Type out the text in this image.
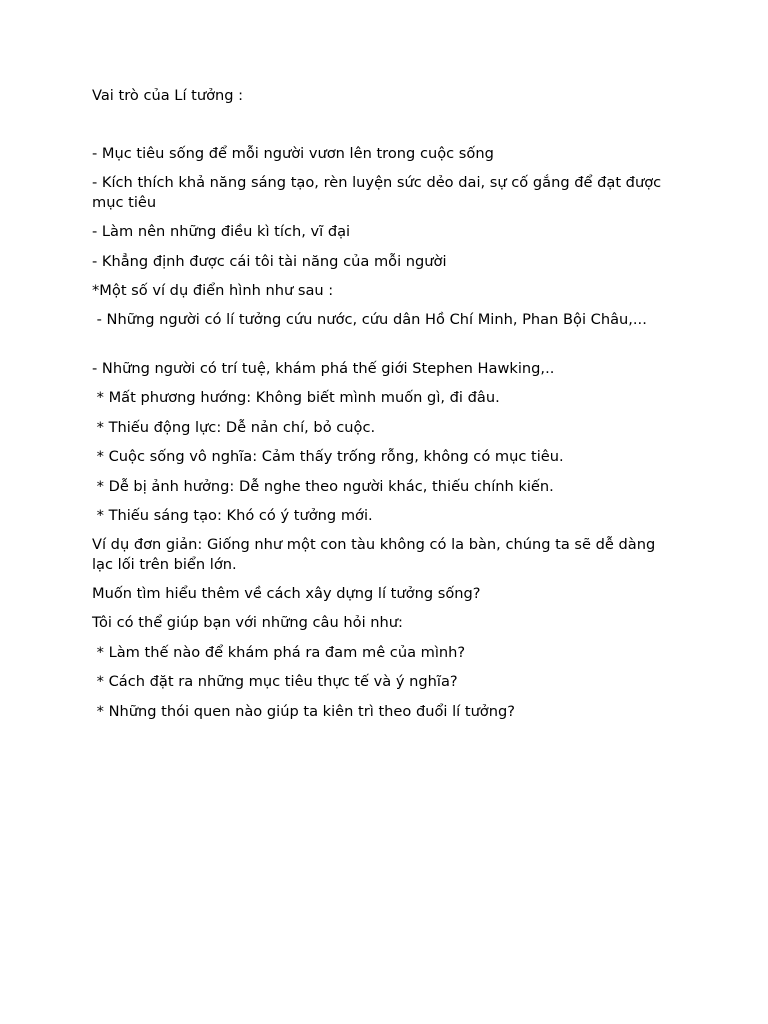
Vai trò của Lí tưởng :

- Mục tiêu sống để mỗi người vươn lên trong cuộc sống

- Kích thích khả năng sáng tạo, rèn luyện sức dẻo dai, sự cố gắng để đạt được mục tiêu

- Làm nên những điều kì tích, vĩ đại

- Khẳng định được cái tôi tài năng của mỗi người

*Một số ví dụ điển hình như sau :

- Những người có lí tưởng cứu nước, cứu dân Hồ Chí Minh, Phan Bội Châu,...

- Những người có trí tuệ, khám phá thế giới Stephen Hawking,..

* Mất phương hướng: Không biết mình muốn gì, đi đâu.

* Thiếu động lực: Dễ nản chí, bỏ cuộc.

* Cuộc sống vô nghĩa: Cảm thấy trống rỗng, không có mục tiêu.

* Dễ bị ảnh hưởng: Dễ nghe theo người khác, thiếu chính kiến.

* Thiếu sáng tạo: Khó có ý tưởng mới.

Ví dụ đơn giản: Giống như một con tàu không có la bàn, chúng ta sẽ dễ dàng lạc lối trên biển lớn.

Muốn tìm hiểu thêm về cách xây dựng lí tưởng sống?

Tôi có thể giúp bạn với những câu hỏi như:

* Làm thế nào để khám phá ra đam mê của mình?

* Cách đặt ra những mục tiêu thực tế và ý nghĩa?

* Những thói quen nào giúp ta kiên trì theo đuổi lí tưởng?
